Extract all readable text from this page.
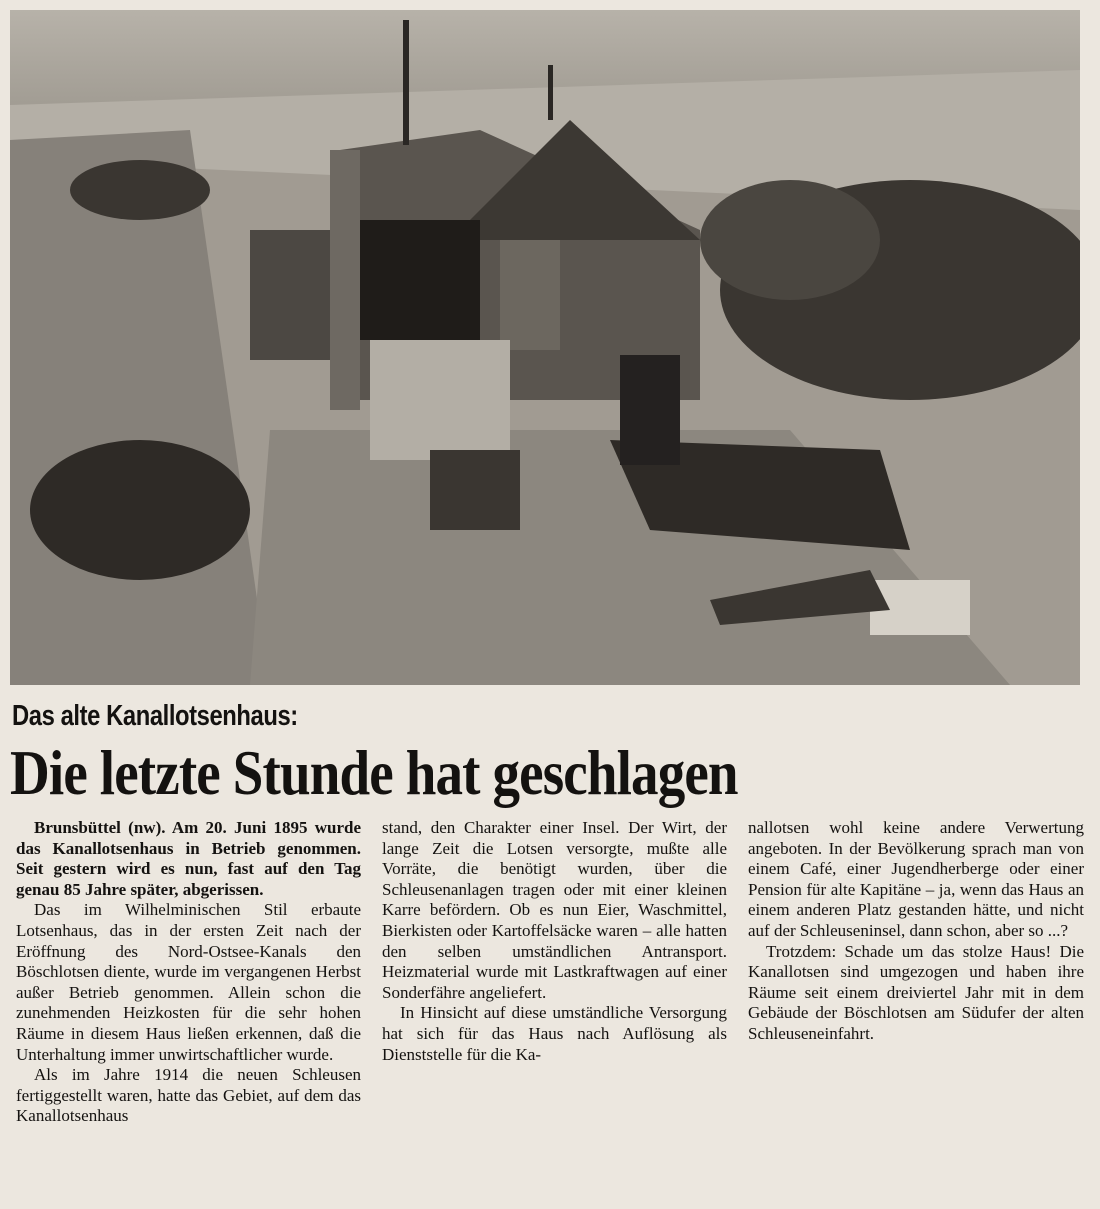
Das alte Kanallotsenhaus:
Die letzte Stunde hat geschlagen

Brunsbüttel (nw). Am 20. Juni 1895 wurde das Kanallotsenhaus in Betrieb genommen. Seit gestern wird es nun, fast auf den Tag genau 85 Jahre später, abgerissen.

Das im Wilhelminischen Stil erbaute Lotsenhaus, das in der ersten Zeit nach der Eröffnung des Nord-Ostsee-Kanals den Böschlotsen diente, wurde im vergangenen Herbst außer Betrieb genommen. Allein schon die zunehmenden Heizkosten für die sehr hohen Räume in diesem Haus ließen erkennen, daß die Unterhaltung immer unwirtschaftlicher wurde.

Als im Jahre 1914 die neuen Schleusen fertiggestellt waren, hatte das Gebiet, auf dem das Kanallotsenhaus

stand, den Charakter einer Insel. Der Wirt, der lange Zeit die Lotsen versorgte, mußte alle Vorräte, die benötigt wurden, über die Schleusenanlagen tragen oder mit einer kleinen Karre befördern. Ob es nun Eier, Waschmittel, Bierkisten oder Kartoffelsäcke waren – alle hatten den selben umständlichen Antransport. Heizmaterial wurde mit Lastkraftwagen auf einer Sonderfähre angeliefert.

In Hinsicht auf diese umständliche Versorgung hat sich für das Haus nach Auflösung als Dienststelle für die Ka-

nallotsen wohl keine andere Verwertung angeboten. In der Bevölkerung sprach man von einem Café, einer Jugendherberge oder einer Pension für alte Kapitäne – ja, wenn das Haus an einem anderen Platz gestanden hätte, und nicht auf der Schleuseninsel, dann schon, aber so ...?

Trotzdem: Schade um das stolze Haus! Die Kanallotsen sind umgezogen und haben ihre Räume seit einem dreiviertel Jahr mit in dem Gebäude der Böschlotsen am Südufer der alten Schleuseneinfahrt.
